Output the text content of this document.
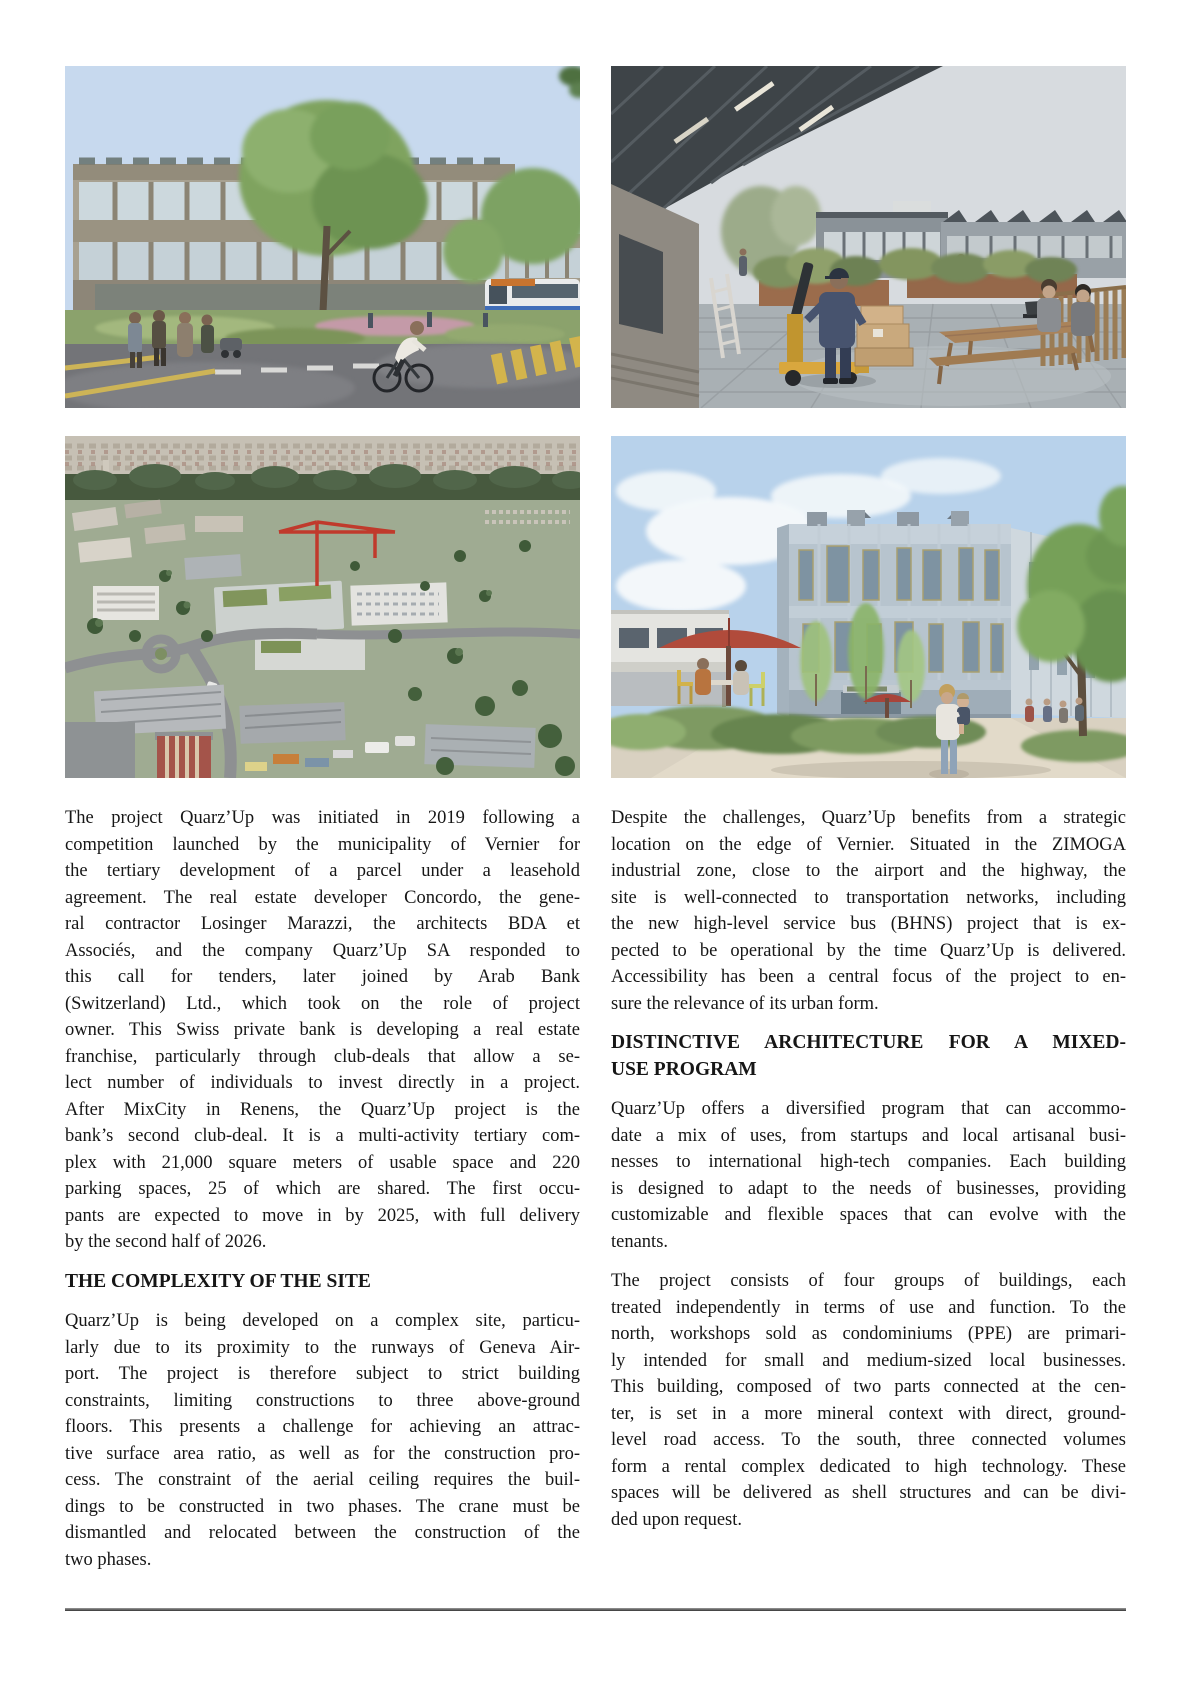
The project Quarz’Up was initiated in 2019 following a
competition launched by the municipality of Vernier for
the tertiary development of a parcel under a leasehold
agreement. The real estate developer Concordo, the gene-
ral contractor Losinger Marazzi, the architects BDA et
Associés, and the company Quarz’Up SA responded to
this call for tenders, later joined by Arab Bank
(Switzerland) Ltd., which took on the role of project
owner. This Swiss private bank is developing a real estate
franchise, particularly through club-deals that allow a se-
lect number of individuals to invest directly in a project.
After MixCity in Renens, the Quarz’Up project is the
bank’s second club-deal. It is a multi-activity tertiary com-
plex with 21,000 square meters of usable space and 220
parking spaces, 25 of which are shared. The first occu-
pants are expected to move in by 2025, with full delivery
by the second half of 2026.
THE COMPLEXITY OF THE SITE
Quarz’Up is being developed on a complex site, particu-
larly due to its proximity to the runways of Geneva Air-
port. The project is therefore subject to strict building
constraints, limiting constructions to three above-ground
floors. This presents a challenge for achieving an attrac-
tive surface area ratio, as well as for the construction pro-
cess. The constraint of the aerial ceiling requires the buil-
dings to be constructed in two phases. The crane must be
dismantled and relocated between the construction of the
two phases.
Despite the challenges, Quarz’Up benefits from a strategic
location on the edge of Vernier. Situated in the ZIMOGA
industrial zone, close to the airport and the highway, the
site is well-connected to transportation networks, including
the new high-level service bus (BHNS) project that is ex-
pected to be operational by the time Quarz’Up is delivered.
Accessibility has been a central focus of the project to en-
sure the relevance of its urban form.
DISTINCTIVE ARCHITECTURE FOR A MIXED-
USE PROGRAM
Quarz’Up offers a diversified program that can accommo-
date a mix of uses, from startups and local artisanal busi-
nesses to international high-tech companies. Each building
is designed to adapt to the needs of businesses, providing
customizable and flexible spaces that can evolve with the
tenants.
The project consists of four groups of buildings, each
treated independently in terms of use and function. To the
north, workshops sold as condominiums (PPE) are primari-
ly intended for small and medium-sized local businesses.
This building, composed of two parts connected at the cen-
ter, is set in a more mineral context with direct, ground-
level road access. To the south, three connected volumes
form a rental complex dedicated to high technology. These
spaces will be delivered as shell structures and can be divi-
ded upon request.
